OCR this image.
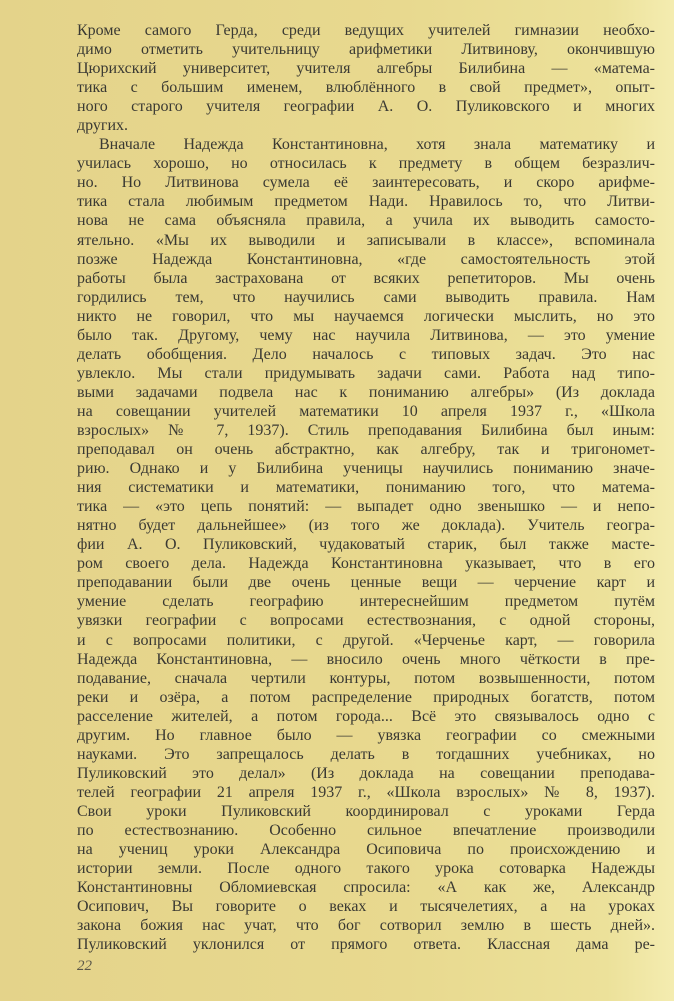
Кроме самого Герда, среди ведущих учителей гимназии необхо-
димо отметить учительницу арифметики Литвинову, окончившую
Цюрихский университет, учителя алгебры Билибина — «матема-
тика с большим именем, влюблённого в свой предмет», опыт-
ного старого учителя географии А. О. Пуликовского и многих
других.
Вначале Надежда Константиновна, хотя знала математику и
училась хорошо, но относилась к предмету в общем безразлич-
но. Но Литвинова сумела её заинтересовать, и скоро арифме-
тика стала любимым предметом Нади. Нравилось то, что Литви-
нова не сама объясняла правила, а учила их выводить самосто-
ятельно. «Мы их выводили и записывали в классе», вспоминала
позже Надежда Константиновна, «где самостоятельность этой
работы была застрахована от всяких репетиторов. Мы очень
гордились тем, что научились сами выводить правила. Нам
никто не говорил, что мы научаемся логически мыслить, но это
было так. Другому, чему нас научила Литвинова, — это умение
делать обобщения. Дело началось с типовых задач. Это нас
увлекло. Мы стали придумывать задачи сами. Работа над типо-
выми задачами подвела нас к пониманию алгебры» (Из доклада
на совещании учителей математики 10 апреля 1937 г., «Школа
взрослых» № 7, 1937). Стиль преподавания Билибина был иным:
преподавал он очень абстрактно, как алгебру, так и тригономет-
рию. Однако и у Билибина ученицы научились пониманию значе-
ния систематики и математики, пониманию того, что матема-
тика — «это цепь понятий: — выпадет одно звенышко — и непо-
нятно будет дальнейшее» (из того же доклада). Учитель геогра-
фии А. О. Пуликовский, чудаковатый старик, был также масте-
ром своего дела. Надежда Константиновна указывает, что в его
преподавании были две очень ценные вещи — черчение карт и
умение сделать географию интереснейшим предметом путём
увязки географии с вопросами естествознания, с одной стороны,
и с вопросами политики, с другой. «Черченье карт, — говорила
Надежда Константиновна, — вносило очень много чёткости в пре-
подавание, сначала чертили контуры, потом возвышенности, потом
реки и озёра, а потом распределение природных богатств, потом
расселение жителей, а потом города... Всё это связывалось одно с
другим. Но главное было — увязка географии со смежными
науками. Это запрещалось делать в тогдашних учебниках, но
Пуликовский это делал» (Из доклада на совещании преподава-
телей географии 21 апреля 1937 г., «Школа взрослых» № 8, 1937).
Свои уроки Пуликовский координировал с уроками Герда
по естествознанию. Особенно сильное впечатление производили
на учениц уроки Александра Осиповича по происхождению и
истории земли. После одного такого урока сотоварка Надежды
Константиновны Обломиевская спросила: «А как же, Александр
Осипович, Вы говорите о веках и тысячелетиях, а на уроках
закона божия нас учат, что бог сотворил землю в шесть дней».
Пуликовский уклонился от прямого ответа. Классная дама ре-
22
